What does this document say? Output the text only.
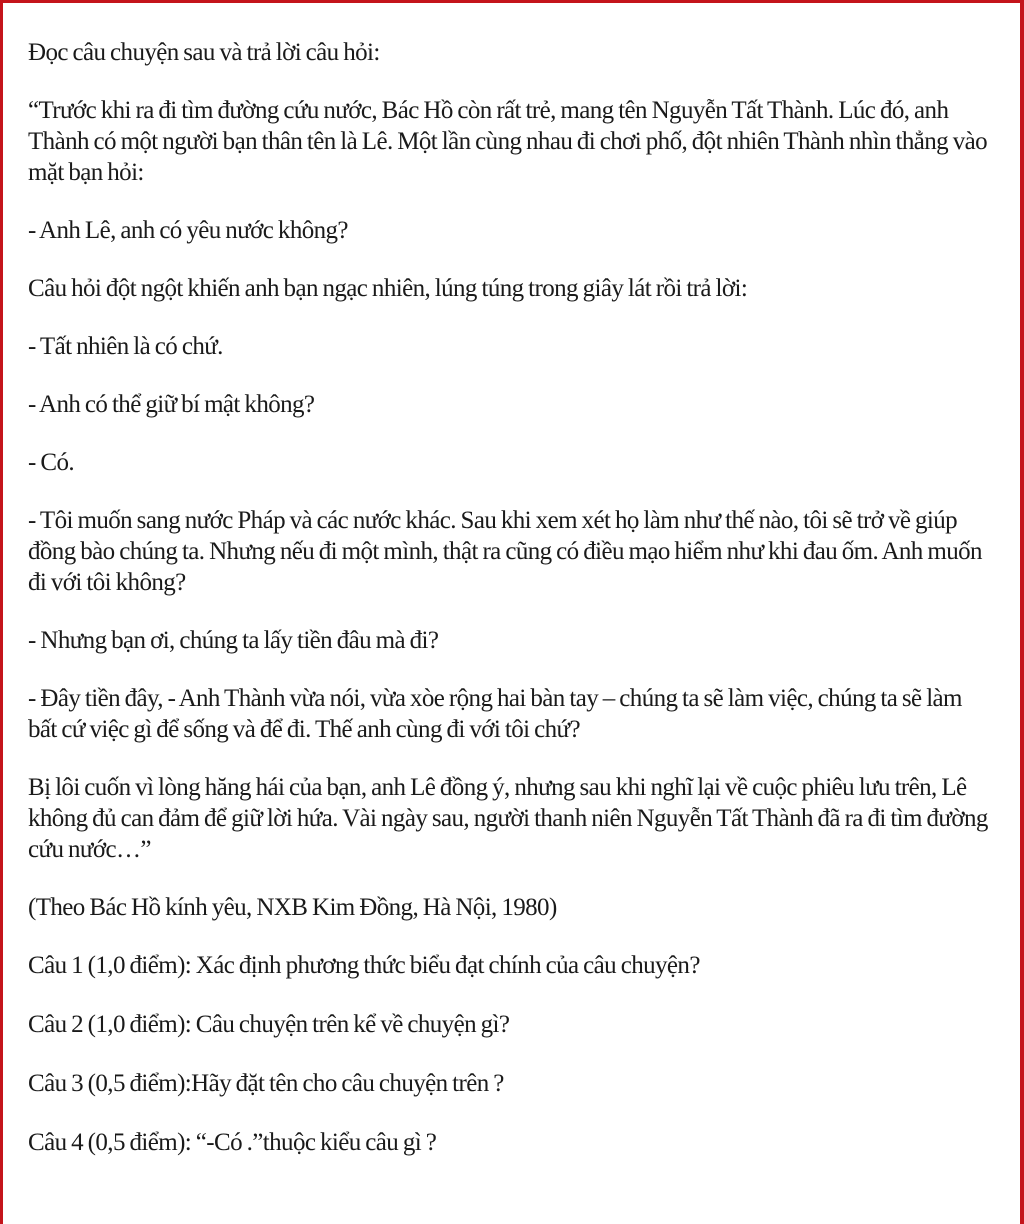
Đọc câu chuyện sau và trả lời câu hỏi:

“Trước khi ra đi tìm đường cứu nước, Bác Hồ còn rất trẻ, mang tên Nguyễn Tất Thành. Lúc đó, anh Thành có một người bạn thân tên là Lê. Một lần cùng nhau đi chơi phố, đột nhiên Thành nhìn thẳng vào mặt bạn hỏi:

- Anh Lê, anh có yêu nước không?

Câu hỏi đột ngột khiến anh bạn ngạc nhiên, lúng túng trong giây lát rồi trả lời:

- Tất nhiên là có chứ.

- Anh có thể giữ bí mật không?

- Có.

- Tôi muốn sang nước Pháp và các nước khác. Sau khi xem xét họ làm như thế nào, tôi sẽ trở về giúp đồng bào chúng ta. Nhưng nếu đi một mình, thật ra cũng có điều mạo hiểm như khi đau ốm. Anh muốn đi với tôi không?

- Nhưng bạn ơi, chúng ta lấy tiền đâu mà đi?

- Đây tiền đây, - Anh Thành vừa nói, vừa xòe rộng hai bàn tay – chúng ta sẽ làm việc, chúng ta sẽ làm bất cứ việc gì để sống và để đi. Thế anh cùng đi với tôi chứ?

Bị lôi cuốn vì lòng hăng hái của bạn, anh Lê đồng ý, nhưng sau khi nghĩ lại về cuộc phiêu lưu trên, Lê không đủ can đảm để giữ lời hứa. Vài ngày sau, người thanh niên Nguyễn Tất Thành đã ra đi tìm đường cứu nước…”

(Theo Bác Hồ kính yêu, NXB Kim Đồng, Hà Nội, 1980)

Câu 1 (1,0 điểm): Xác định phương thức biểu đạt chính của câu chuyện?

Câu 2 (1,0 điểm): Câu chuyện trên kể về chuyện gì?

Câu 3 (0,5 điểm):Hãy đặt tên cho câu chuyện trên ?

Câu 4 (0,5 điểm): “-Có .”thuộc kiểu câu gì ?
